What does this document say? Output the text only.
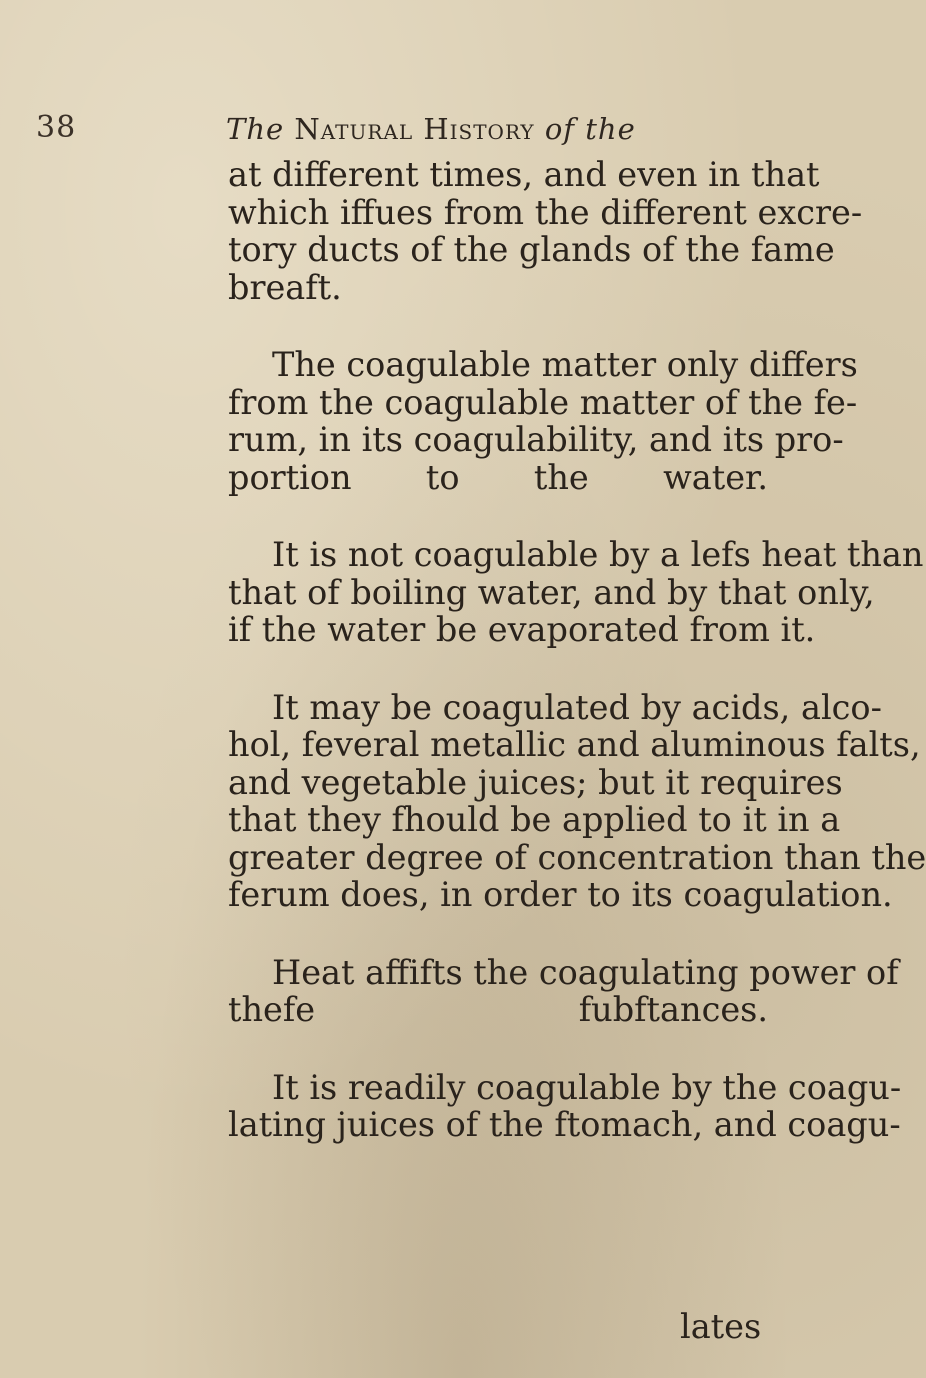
38	The Natural History of the
at different times, and even in that
which iffues from the different excre-
tory ducts of the glands of the fame
breaft.
The coagulable matter only differs
from the coagulable matter of the fe-
rum, in its coagulability, and its pro-
portion to the water.
It is not coagulable by a lefs heat than
that of boiling water, and by that only,
if the water be evaporated from it.
It may be coagulated by acids, alco-
hol, feveral metallic and aluminous falts,
and vegetable juices; but it requires
that they fhould be applied to it in a
greater degree of concentration than the
ferum does, in order to its coagulation.
Heat affifts the coagulating power of
thefe fubftances.
It is readily coagulable by the coagu-
lating juices of the ftomach, and coagu-
lates
